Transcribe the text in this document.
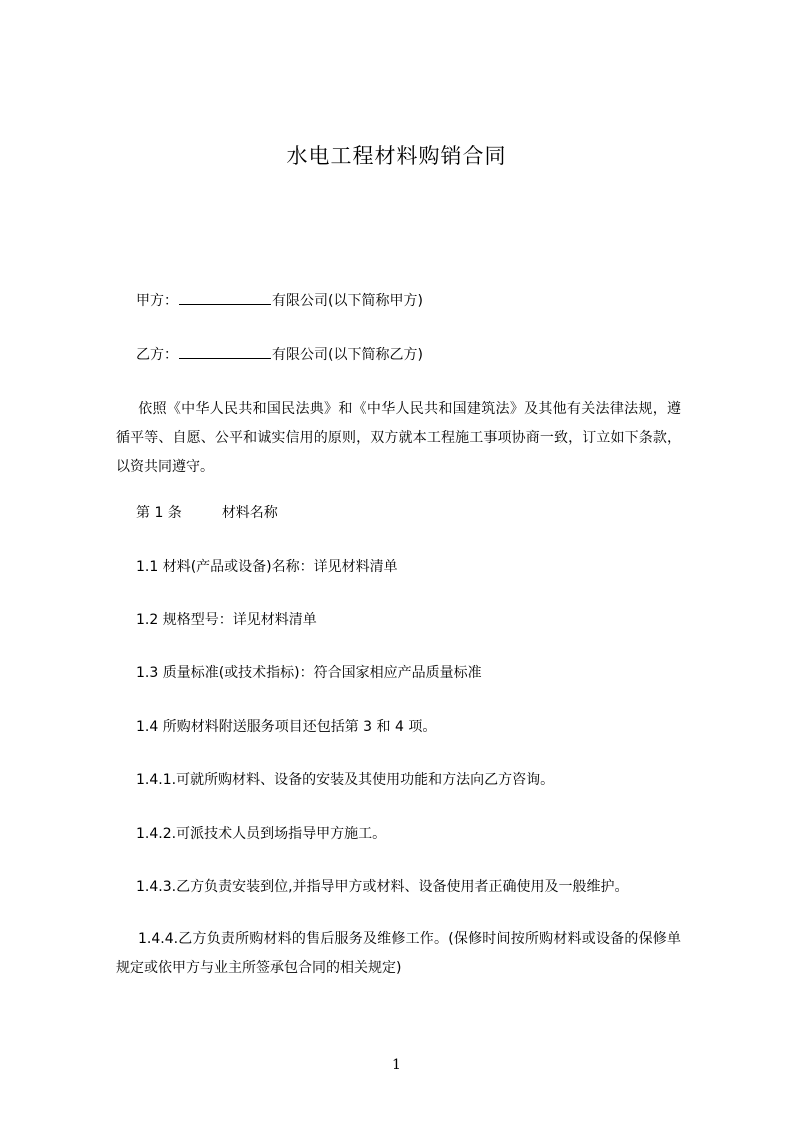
水电工程材料购销合同
甲方：	有限公司(以下简称甲方)
乙方：	有限公司(以下简称乙方)
依照《中华人民共和国民法典》和《中华人民共和国建筑法》及其他有关法律法规，遵循平等、自愿、公平和诚实信用的原则，双方就本工程施工事项协商一致，订立如下条款，以资共同遵守。
第 1 条	材料名称
1.1 材料(产品或设备)名称：详见材料清单
1.2 规格型号：详见材料清单
1.3 质量标准(或技术指标)：符合国家相应产品质量标准
1.4 所购材料附送服务项目还包括第 3 和 4 项。
1.4.1.可就所购材料、设备的安装及其使用功能和方法向乙方咨询。
1.4.2.可派技术人员到场指导甲方施工。
1.4.3.乙方负责安装到位,并指导甲方或材料、设备使用者正确使用及一般维护。
1.4.4.乙方负责所购材料的售后服务及维修工作。(保修时间按所购材料或设备的保修单规定或依甲方与业主所签承包合同的相关规定)
1
